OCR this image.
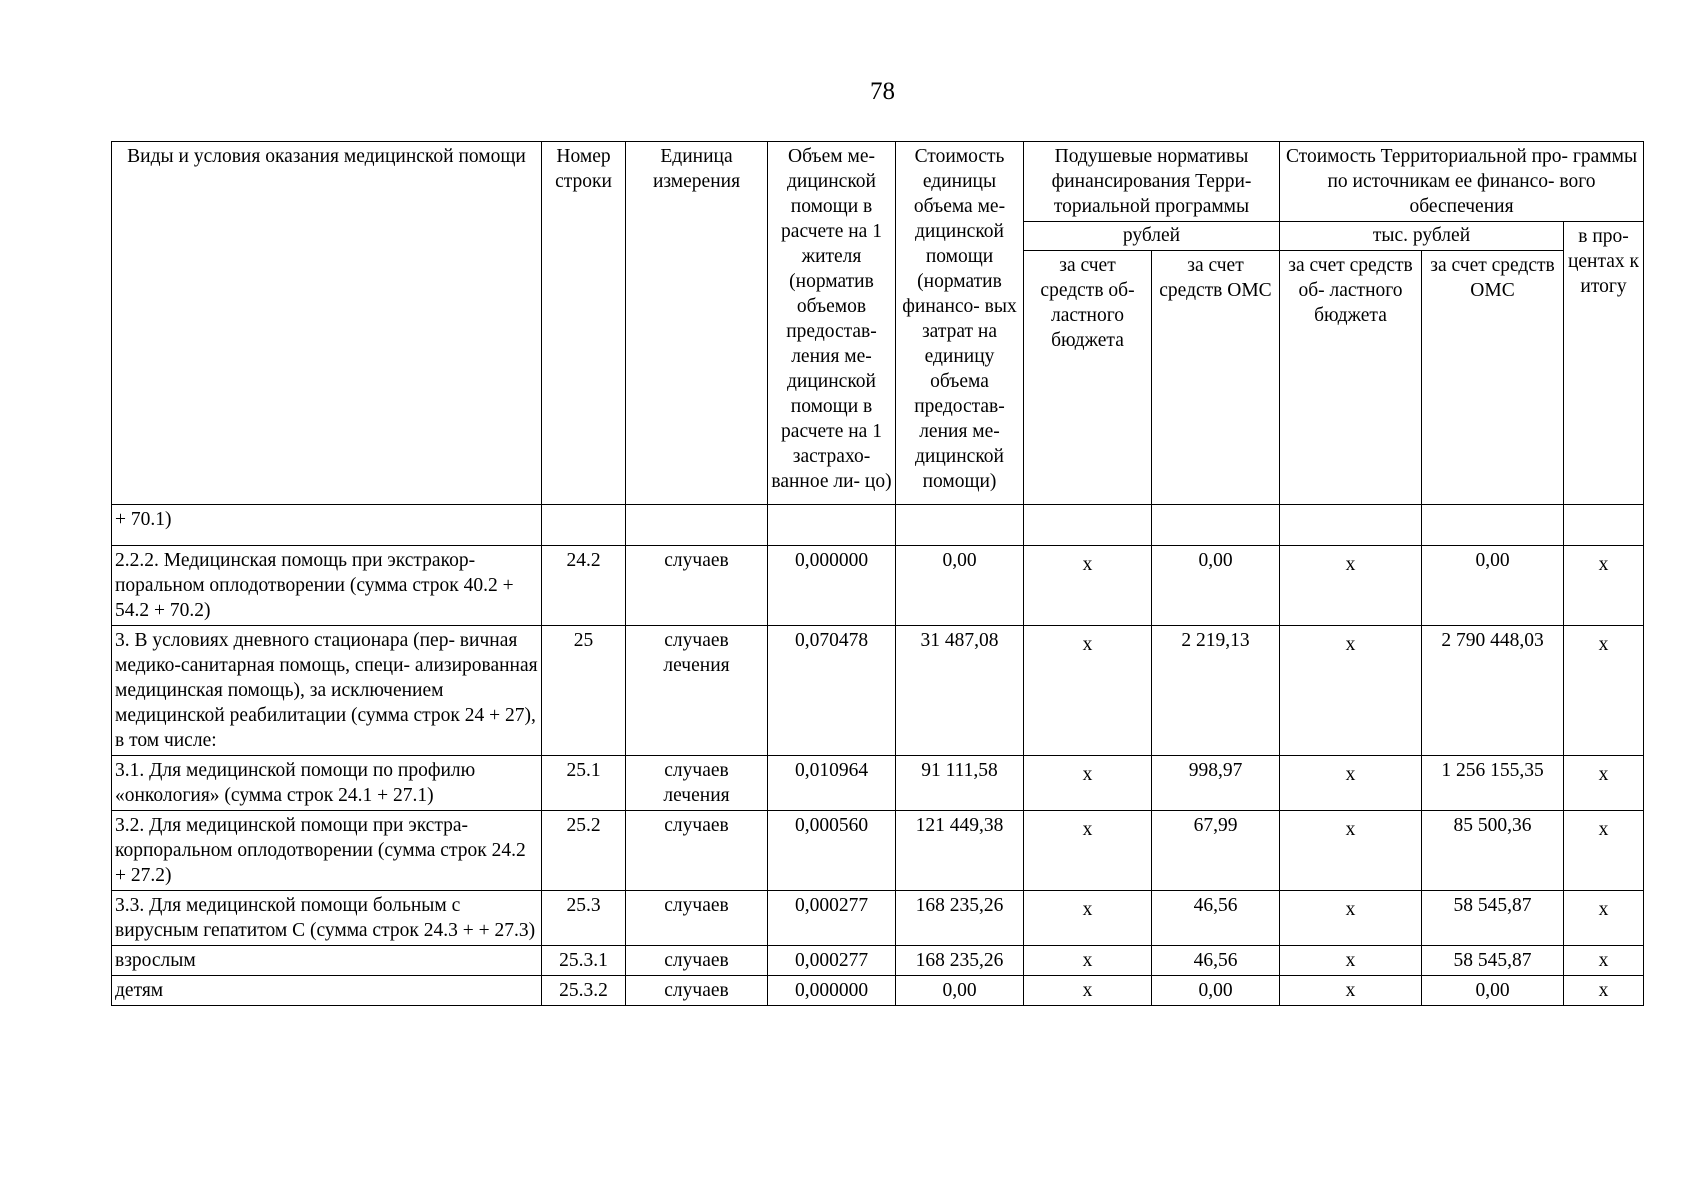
78
Виды и условия оказания медицинской помощи	Номер строки	Единица измерения	Объем ме- дицинской помощи в расчете на 1 жителя (норматив объемов предостав- ления ме- дицинской помощи в расчете на 1 застрахо- ванное ли- цо)	Стоимость единицы объема ме- дицинской помощи (норматив финансо- вых затрат на единицу объема предостав- ления ме- дицинской помощи)	Подушевые нормативы финансирования Терри- ториальной программы		Стоимость Территориальной про- граммы по источникам ее финансо- вого обеспечения		
					рублей		тыс. рублей		в про- центах к итогу
					за счет средств об- ластного бюджета	за счет средств ОМС	за счет средств об- ластного бюджета	за счет средств ОМС	
+ 70.1)									
2.2.2. Медицинская помощь при экстракор- поральном оплодотворении (сумма строк 40.2 + 54.2 + 70.2)	24.2	случаев	0,000000	0,00	x	0,00	x	0,00	x

3. В условиях дневного стационара (пер- вичная медико-санитарная помощь, специ- ализированная медицинская помощь), за исключением медицинской реабилитации (сумма строк 24 + 27), в том числе:	25	случаев лечения	0,070478	31 487,08	x	2 219,13	x	2 790 448,03	x

3.1. Для медицинской помощи по профилю «онкология» (сумма строк 24.1 + 27.1)	25.1	случаев лечения	0,010964	91 111,58	x	998,97	x	1 256 155,35	x

3.2. Для медицинской помощи при экстра- корпоральном оплодотворении (сумма строк 24.2 + 27.2)	25.2	случаев	0,000560	121 449,38	x	67,99	x	85 500,36	x

3.3. Для медицинской помощи больным с вирусным гепатитом С (сумма строк 24.3 + + 27.3)	25.3	случаев	0,000277	168 235,26	x	46,56	x	58 545,87	x

взрослым	25.3.1	случаев	0,000277	168 235,26	x	46,56	x	58 545,87	x
детям	25.3.2	случаев	0,000000	0,00	x	0,00	x	0,00	x
